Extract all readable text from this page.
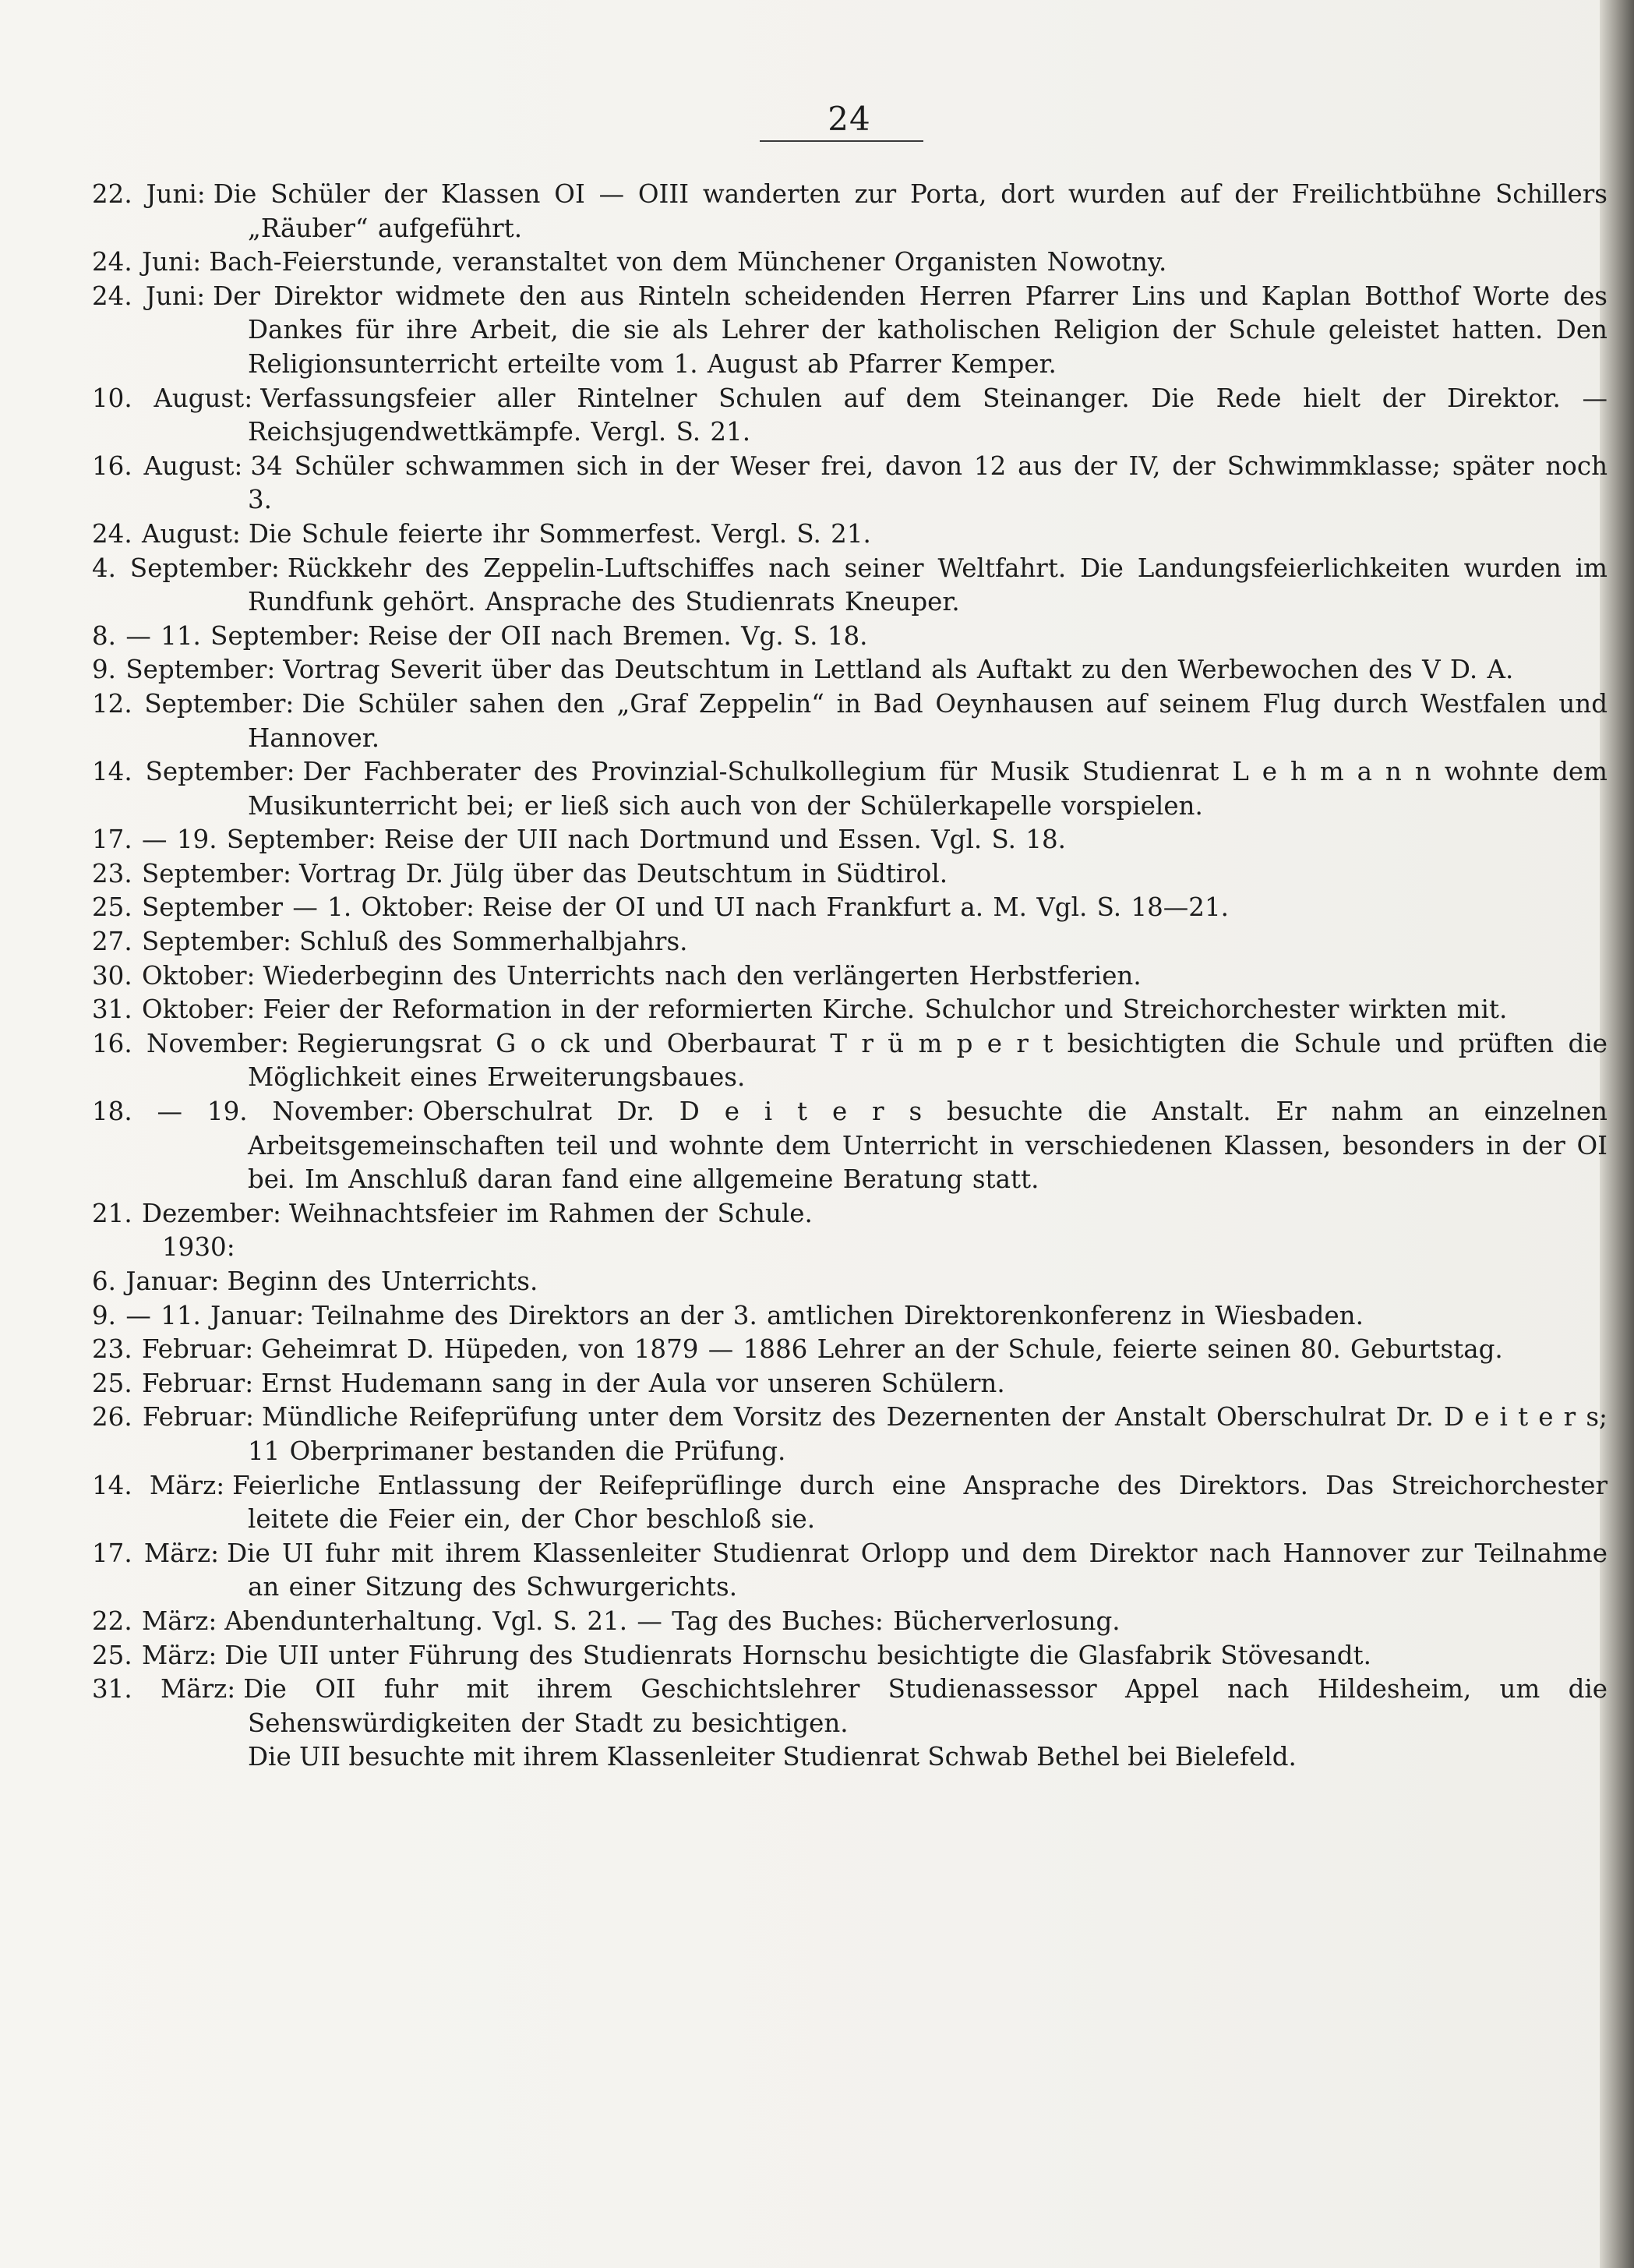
24
22. Juni: Die Schüler der Klassen OI — OIII wanderten zur Porta, dort wurden auf der Freilichtbühne Schillers „Räuber“ aufgeführt.
24. Juni: Bach-Feierstunde, veranstaltet von dem Münchener Organisten Nowotny.
24. Juni: Der Direktor widmete den aus Rinteln scheidenden Herren Pfarrer Lins und Kaplan Botthof Worte des Dankes für ihre Arbeit, die sie als Lehrer der katholischen Religion der Schule geleistet hatten. Den Religionsunterricht erteilte vom 1. August ab Pfarrer Kemper.
10. August: Verfassungsfeier aller Rintelner Schulen auf dem Steinanger. Die Rede hielt der Direktor. — Reichsjugendwettkämpfe. Vergl. S. 21.
16. August: 34 Schüler schwammen sich in der Weser frei, davon 12 aus der IV, der Schwimmklasse; später noch 3.
24. August: Die Schule feierte ihr Sommerfest. Vergl. S. 21.
4. September: Rückkehr des Zeppelin-Luftschiffes nach seiner Weltfahrt. Die Landungsfeierlichkeiten wurden im Rundfunk gehört. Ansprache des Studienrats Kneuper.
8. — 11. September: Reise der OII nach Bremen. Vg. S. 18.
9. September: Vortrag Severit über das Deutschtum in Lettland als Auftakt zu den Werbewochen des V D. A.
12. September: Die Schüler sahen den „Graf Zeppelin“ in Bad Oeynhausen auf seinem Flug durch Westfalen und Hannover.
14. September: Der Fachberater des Provinzial-Schulkollegium für Musik Studienrat L e h m a n n wohnte dem Musikunterricht bei; er ließ sich auch von der Schülerkapelle vorspielen.
17. — 19. September: Reise der UII nach Dortmund und Essen. Vgl. S. 18.
23. September: Vortrag Dr. Jülg über das Deutschtum in Südtirol.
25. September — 1. Oktober: Reise der OI und UI nach Frankfurt a. M. Vgl. S. 18—21.
27. September: Schluß des Sommerhalbjahrs.
30. Oktober: Wiederbeginn des Unterrichts nach den verlängerten Herbstferien.
31. Oktober: Feier der Reformation in der reformierten Kirche. Schulchor und Streichorchester wirkten mit.
16. November: Regierungsrat G o ck und Oberbaurat T r ü m p e r t besichtigten die Schule und prüften die Möglichkeit eines Erweiterungsbaues.
18. — 19. November: Oberschulrat Dr. D e i t e r s besuchte die Anstalt. Er nahm an einzelnen Arbeitsgemeinschaften teil und wohnte dem Unterricht in verschiedenen Klassen, besonders in der OI bei. Im Anschluß daran fand eine allgemeine Beratung statt.
21. Dezember: Weihnachtsfeier im Rahmen der Schule.
1930:
6. Januar: Beginn des Unterrichts.
9. — 11. Januar: Teilnahme des Direktors an der 3. amtlichen Direktorenkonferenz in Wiesbaden.
23. Februar: Geheimrat D. Hüpeden, von 1879 — 1886 Lehrer an der Schule, feierte seinen 80. Geburtstag.
25. Februar: Ernst Hudemann sang in der Aula vor unseren Schülern.
26. Februar: Mündliche Reifeprüfung unter dem Vorsitz des Dezernenten der Anstalt Oberschulrat Dr. D e i t e r s; 11 Oberprimaner bestanden die Prüfung.
14. März: Feierliche Entlassung der Reifeprüflinge durch eine Ansprache des Direktors. Das Streichorchester leitete die Feier ein, der Chor beschloß sie.
17. März: Die UI fuhr mit ihrem Klassenleiter Studienrat Orlopp und dem Direktor nach Hannover zur Teilnahme an einer Sitzung des Schwurgerichts.
22. März: Abendunterhaltung. Vgl. S. 21. — Tag des Buches: Bücherverlosung.
25. März: Die UII unter Führung des Studienrats Hornschu besichtigte die Glasfabrik Stövesandt.
31. März: Die OII fuhr mit ihrem Geschichtslehrer Studienassessor Appel nach Hildesheim, um die Sehenswürdigkeiten der Stadt zu besichtigen.
Die UII besuchte mit ihrem Klassenleiter Studienrat Schwab Bethel bei Bielefeld.
